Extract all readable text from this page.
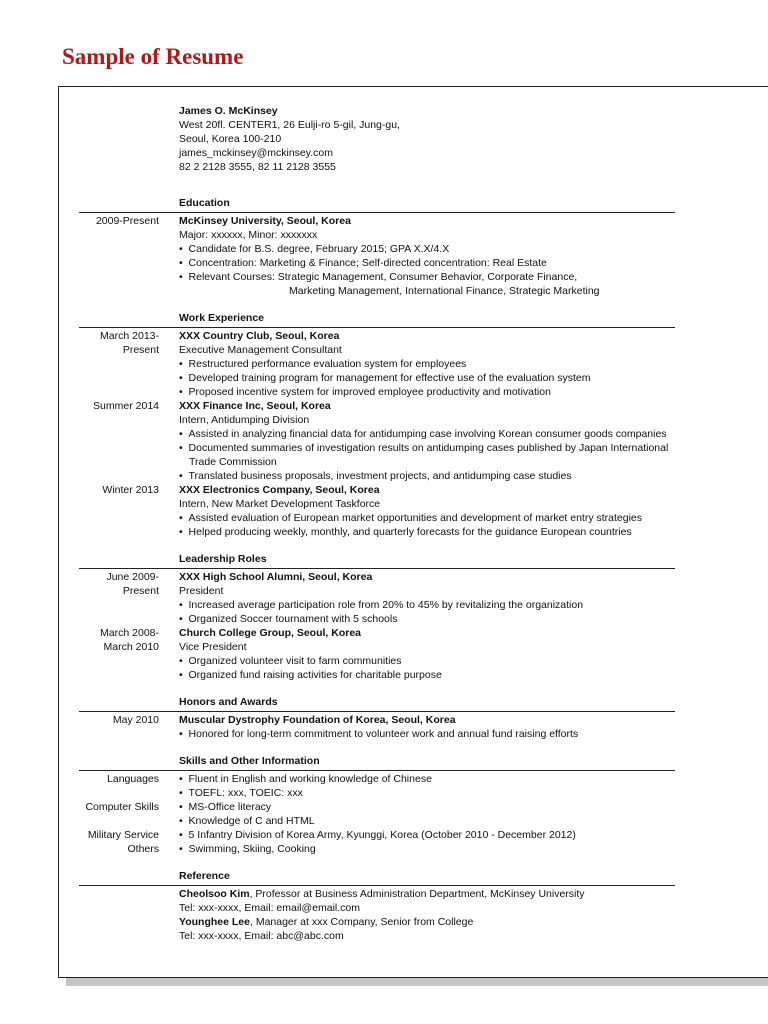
Sample of Resume
James O. McKinsey
West 20fl. CENTER1, 26 Eulji-ro 5-gil, Jung-gu,
Seoul, Korea 100-210
james_mckinsey@mckinsey.com
82 2 2128 3555, 82 11 2128 3555
Education
2009-Present McKinsey University, Seoul, Korea
Major: xxxxxx, Minor: xxxxxxx
•  Candidate for B.S. degree, February 2015; GPA X.X/4.X
•  Concentration: Marketing & Finance; Self-directed concentration: Real Estate
•  Relevant Courses: Strategic Management, Consumer Behavior, Corporate Finance,
Marketing Management, International Finance, Strategic Marketing
Work Experience
March 2013-
Present
XXX Country Club, Seoul, Korea
Executive Management Consultant
•  Restructured performance evaluation system for employees
•  Developed training program for management for effective use of the evaluation system
•  Proposed incentive system for improved employee productivity and motivation
Summer 2014 XXX Finance Inc, Seoul, Korea
Intern, Antidumping Division
•  Assisted in analyzing financial data for antidumping case involving Korean consumer goods companies
•  Documented summaries of investigation results on antidumping cases published by Japan International Trade Commission
•  Translated business proposals, investment projects, and antidumping case studies
Winter 2013 XXX Electronics Company, Seoul, Korea
Intern, New Market Development Taskforce
•  Assisted evaluation of European market opportunities and development of market entry strategies
•  Helped producing weekly, monthly, and quarterly forecasts for the guidance European countries
Leadership Roles
June 2009-
Present
XXX High School Alumni, Seoul, Korea
President
•  Increased average participation role from 20% to 45% by revitalizing the organization
•  Organized Soccer tournament with 5 schools
March 2008-
March 2010
Church College Group, Seoul, Korea
Vice President
•  Organized volunteer visit to farm communities
•  Organized fund raising activities for charitable purpose
Honors and Awards
May 2010 Muscular Dystrophy Foundation of Korea, Seoul, Korea
•  Honored for long-term commitment to volunteer work and annual fund raising efforts
Skills and Other Information
Languages	•  Fluent in English and working knowledge of Chinese
•  TOEFL: xxx, TOEIC: xxx
Computer Skills	•  MS-Office literacy
•  Knowledge of C and HTML
Military Service	•  5 Infantry Division of Korea Army, Kyunggi, Korea (October 2010 - December 2012)
Others	•  Swimming, Skiing, Cooking
Reference
Cheolsoo Kim, Professor at Business Administration Department, McKinsey University
Tel: xxx-xxxx, Email: email@email.com
Younghee Lee, Manager at xxx Company, Senior from College
Tel: xxx-xxxx, Email: abc@abc.com
